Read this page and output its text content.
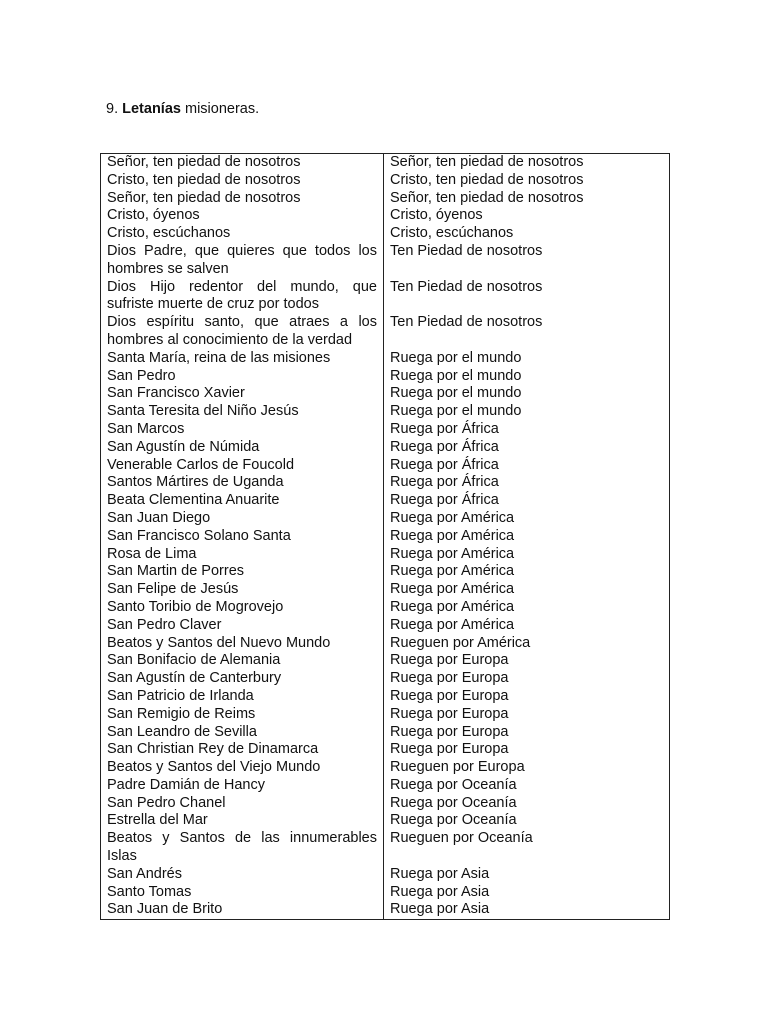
9. Letanías misioneras.
Señor, ten piedad de nosotros	Señor, ten piedad de nosotros
Cristo, ten piedad de nosotros	Cristo, ten piedad de nosotros
Señor, ten piedad de nosotros	Señor, ten piedad de nosotros
Cristo, óyenos	Cristo, óyenos
Cristo, escúchanos	Cristo, escúchanos
Dios Padre, que quieres que todos los hombres se salven	Ten Piedad de nosotros
Dios Hijo redentor del mundo, que sufriste muerte de cruz por todos	Ten Piedad de nosotros
Dios espíritu santo, que atraes a los hombres al conocimiento de la verdad	Ten Piedad de nosotros
Santa María, reina de las misiones	Ruega por el mundo
San Pedro	Ruega por el mundo
San Francisco Xavier	Ruega por el mundo
Santa Teresita del Niño Jesús	Ruega por el mundo
San Marcos	Ruega por África
San Agustín de Númida	Ruega por África
Venerable Carlos de Foucold	Ruega por África
Santos Mártires de Uganda	Ruega por África
Beata Clementina Anuarite	Ruega por África
San Juan Diego	Ruega por América
San Francisco Solano Santa	Ruega por América
Rosa de Lima	Ruega por América
San Martin de Porres	Ruega por América
San Felipe de Jesús	Ruega por América
Santo Toribio de Mogrovejo	Ruega por América
San Pedro Claver	Ruega por América
Beatos y Santos del Nuevo Mundo	Rueguen por América
San Bonifacio de Alemania	Ruega por Europa
San Agustín de Canterbury	Ruega por Europa
San Patricio de Irlanda	Ruega por Europa
San Remigio de Reims	Ruega por Europa
San Leandro de Sevilla	Ruega por Europa
San Christian Rey de Dinamarca	Ruega por Europa
Beatos y Santos del Viejo Mundo	Rueguen por Europa
Padre Damián de Hancy	Ruega por Oceanía
San Pedro Chanel	Ruega por Oceanía
Estrella del Mar	Ruega por Oceanía
Beatos y Santos de las innumerables Islas	Rueguen por Oceanía
San Andrés	Ruega por Asia
Santo Tomas	Ruega por Asia
San Juan de Brito	Ruega por Asia
